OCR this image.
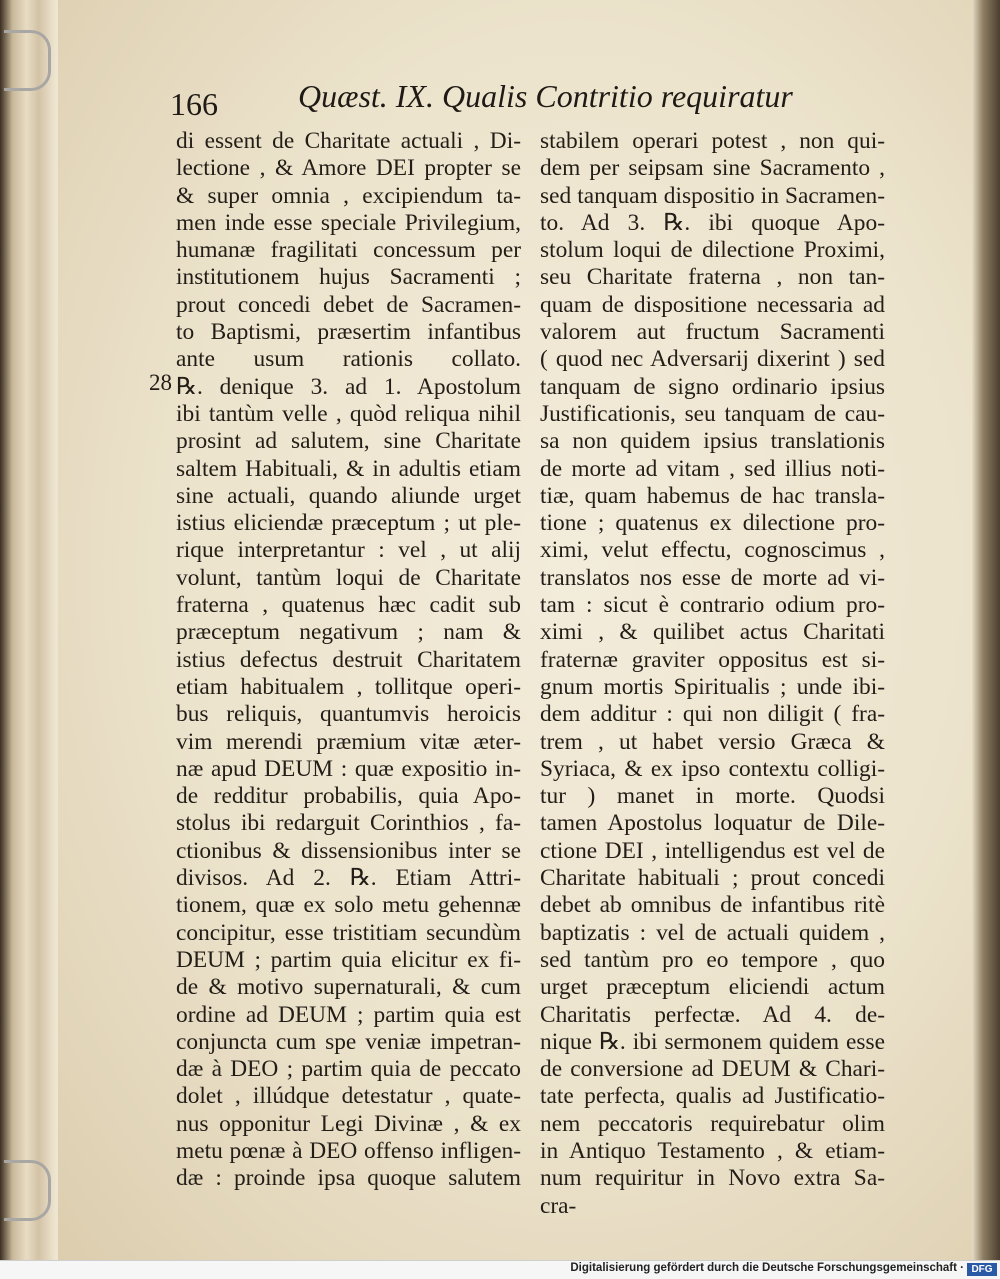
166	Quæst. IX. Qualis Contritio requiratur
28
di essent de Charitate actuali , Di-
lectione , & Amore DEI propter se
& super omnia , excipiendum ta-
men inde esse speciale Privilegium,
humanæ fragilitati concessum per
institutionem hujus Sacramenti ;
prout concedi debet de Sacramen-
to Baptismi, præsertim infantibus
ante usum rationis collato.
℞. denique 3. ad 1. Apostolum
ibi tantùm velle , quòd reliqua nihil
prosint ad salutem, sine Charitate
saltem Habituali, & in adultis etiam
sine actuali, quando aliunde urget
istius eliciendæ præceptum ; ut ple-
rique interpretantur : vel , ut alij
volunt, tantùm loqui de Charitate
fraterna , quatenus hæc cadit sub
præceptum negativum ; nam &
istius defectus destruit Charitatem
etiam habitualem , tollitque operi-
bus reliquis, quantumvis heroicis
vim merendi præmium vitæ æter-
næ apud DEUM : quæ expositio in-
de redditur probabilis, quia Apo-
stolus ibi redarguit Corinthios , fa-
ctionibus & dissensionibus inter se
divisos. Ad 2. ℞. Etiam Attri-
tionem, quæ ex solo metu gehennæ
concipitur, esse tristitiam secundùm
DEUM ; partim quia elicitur ex fi-
de & motivo supernaturali, & cum
ordine ad DEUM ; partim quia est
conjuncta cum spe veniæ impetran-
dæ à DEO ; partim quia de peccato
dolet , illúdque detestatur , quate-
nus opponitur Legi Divinæ , & ex
metu pœnæ à DEO offenso infligen-
dæ : proinde ipsa quoque salutem
stabilem operari potest , non qui-
dem per seipsam sine Sacramento ,
sed tanquam dispositio in Sacramen-
to. Ad 3. ℞. ibi quoque Apo-
stolum loqui de dilectione Proximi,
seu Charitate fraterna , non tan-
quam de dispositione necessaria ad
valorem aut fructum Sacramenti
( quod nec Adversarij dixerint ) sed
tanquam de signo ordinario ipsius
Justificationis, seu tanquam de cau-
sa non quidem ipsius translationis
de morte ad vitam , sed illius noti-
tiæ, quam habemus de hac transla-
tione ; quatenus ex dilectione pro-
ximi, velut effectu, cognoscimus ,
translatos nos esse de morte ad vi-
tam : sicut è contrario odium pro-
ximi , & quilibet actus Charitati
fraternæ graviter oppositus est si-
gnum mortis Spiritualis ; unde ibi-
dem additur : qui non diligit ( fra-
trem , ut habet versio Græca &
Syriaca, & ex ipso contextu colligi-
tur ) manet in morte. Quodsi
tamen Apostolus loquatur de Dile-
ctione DEI , intelligendus est vel de
Charitate habituali ; prout concedi
debet ab omnibus de infantibus ritè
baptizatis : vel de actuali quidem ,
sed tantùm pro eo tempore , quo
urget præceptum eliciendi actum
Charitatis perfectæ. Ad 4. de-
nique ℞. ibi sermonem quidem esse
de conversione ad DEUM & Chari-
tate perfecta, qualis ad Justificatio-
nem peccatoris requirebatur olim
in Antiquo Testamento , & etiam-
num requiritur in Novo extra Sa-
cra-
Digitalisierung gefördert durch die Deutsche Forschungsgemeinschaft · DFG
